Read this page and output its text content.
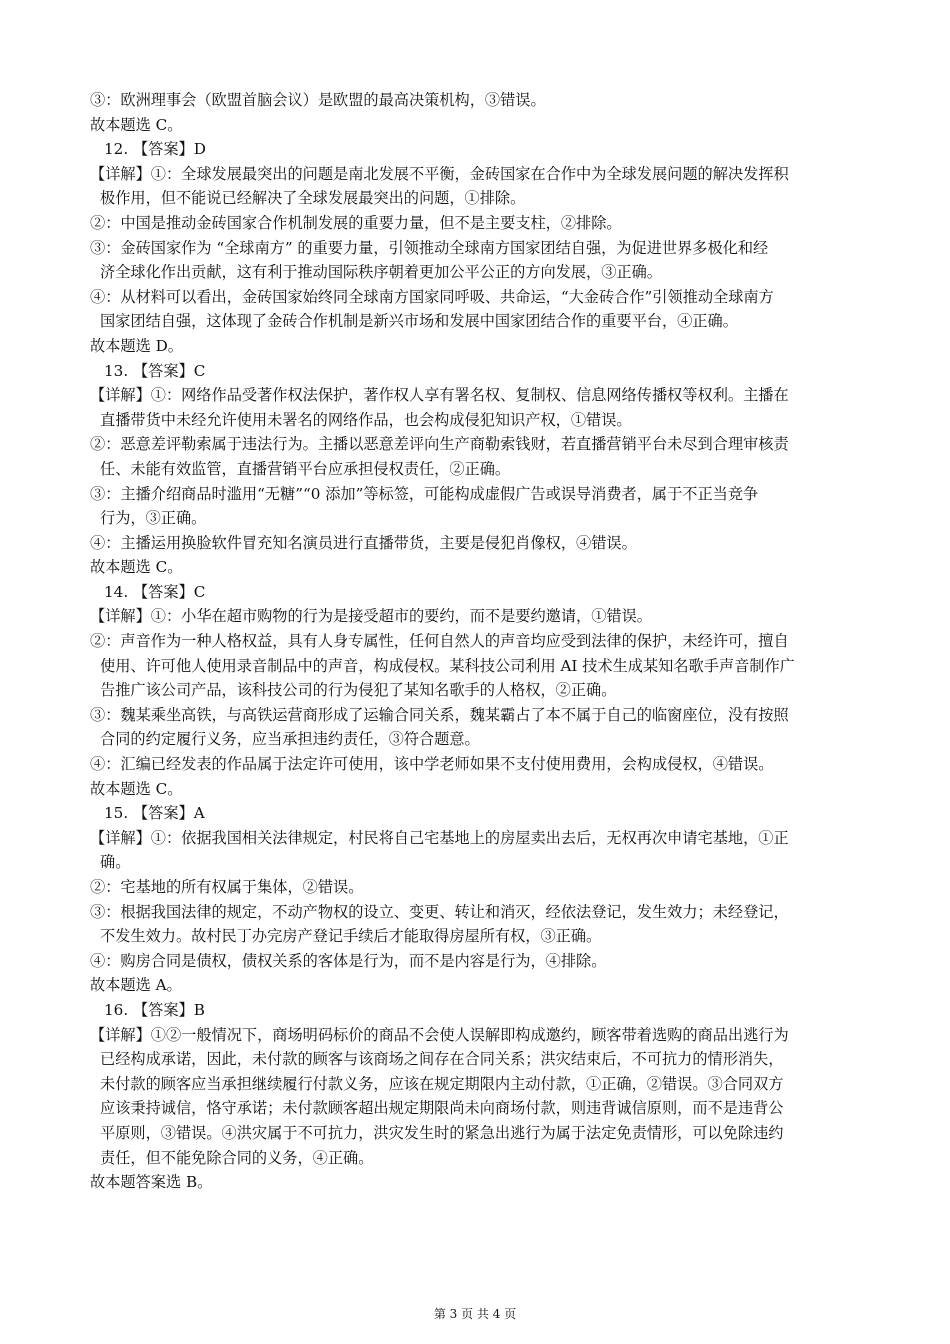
③：欧洲理事会（欧盟首脑会议）是欧盟的最高决策机构，③错误。
故本题选 C。
12. 【答案】D
【详解】①：全球发展最突出的问题是南北发展不平衡，金砖国家在合作中为全球发展问题的解决发挥积
极作用，但不能说已经解决了全球发展最突出的问题，①排除。
②：中国是推动金砖国家合作机制发展的重要力量，但不是主要支柱，②排除。
③：金砖国家作为 “全球南方” 的重要力量，引领推动全球南方国家团结自强，为促进世界多极化和经
济全球化作出贡献，这有利于推动国际秩序朝着更加公平公正的方向发展，③正确。
④：从材料可以看出，金砖国家始终同全球南方国家同呼吸、共命运，“大金砖合作”引领推动全球南方
国家团结自强，这体现了金砖合作机制是新兴市场和发展中国家团结合作的重要平台，④正确。
故本题选 D。
13. 【答案】C
【详解】①：网络作品受著作权法保护，著作权人享有署名权、复制权、信息网络传播权等权利。主播在
直播带货中未经允许使用未署名的网络作品，也会构成侵犯知识产权，①错误。
②：恶意差评勒索属于违法行为。主播以恶意差评向生产商勒索钱财，若直播营销平台未尽到合理审核责
任、未能有效监管，直播营销平台应承担侵权责任，②正确。
③：主播介绍商品时滥用“无糖”“0 添加”等标签，可能构成虚假广告或误导消费者，属于不正当竞争
行为，③正确。
④：主播运用换脸软件冒充知名演员进行直播带货，主要是侵犯肖像权，④错误。
故本题选 C。
14. 【答案】C
【详解】①：小华在超市购物的行为是接受超市的要约，而不是要约邀请，①错误。
②：声音作为一种人格权益，具有人身专属性，任何自然人的声音均应受到法律的保护，未经许可，擅自
使用、许可他人使用录音制品中的声音，构成侵权。某科技公司利用 AI 技术生成某知名歌手声音制作广
告推广该公司产品，该科技公司的行为侵犯了某知名歌手的人格权，②正确。
③：魏某乘坐高铁，与高铁运营商形成了运输合同关系，魏某霸占了本不属于自己的临窗座位，没有按照
合同的约定履行义务，应当承担违约责任，③符合题意。
④：汇编已经发表的作品属于法定许可使用，该中学老师如果不支付使用费用，会构成侵权，④错误。
故本题选 C。
15. 【答案】A
【详解】①：依据我国相关法律规定，村民将自己宅基地上的房屋卖出去后，无权再次申请宅基地，①正
确。
②：宅基地的所有权属于集体，②错误。
③：根据我国法律的规定，不动产物权的设立、变更、转让和消灭，经依法登记，发生效力；未经登记，
不发生效力。故村民丁办完房产登记手续后才能取得房屋所有权，③正确。
④：购房合同是债权，债权关系的客体是行为，而不是内容是行为，④排除。
故本题选 A。
16. 【答案】B
【详解】①②一般情况下，商场明码标价的商品不会使人误解即构成邀约，顾客带着选购的商品出逃行为
已经构成承诺，因此，未付款的顾客与该商场之间存在合同关系；洪灾结束后，不可抗力的情形消失，
未付款的顾客应当承担继续履行付款义务，应该在规定期限内主动付款，①正确，②错误。③合同双方
应该秉持诚信，恪守承诺；未付款顾客超出规定期限尚未向商场付款，则违背诚信原则，而不是违背公
平原则，③错误。④洪灾属于不可抗力，洪灾发生时的紧急出逃行为属于法定免责情形，可以免除违约
责任，但不能免除合同的义务，④正确。
故本题答案选 B。
第 3 页 共 4 页
